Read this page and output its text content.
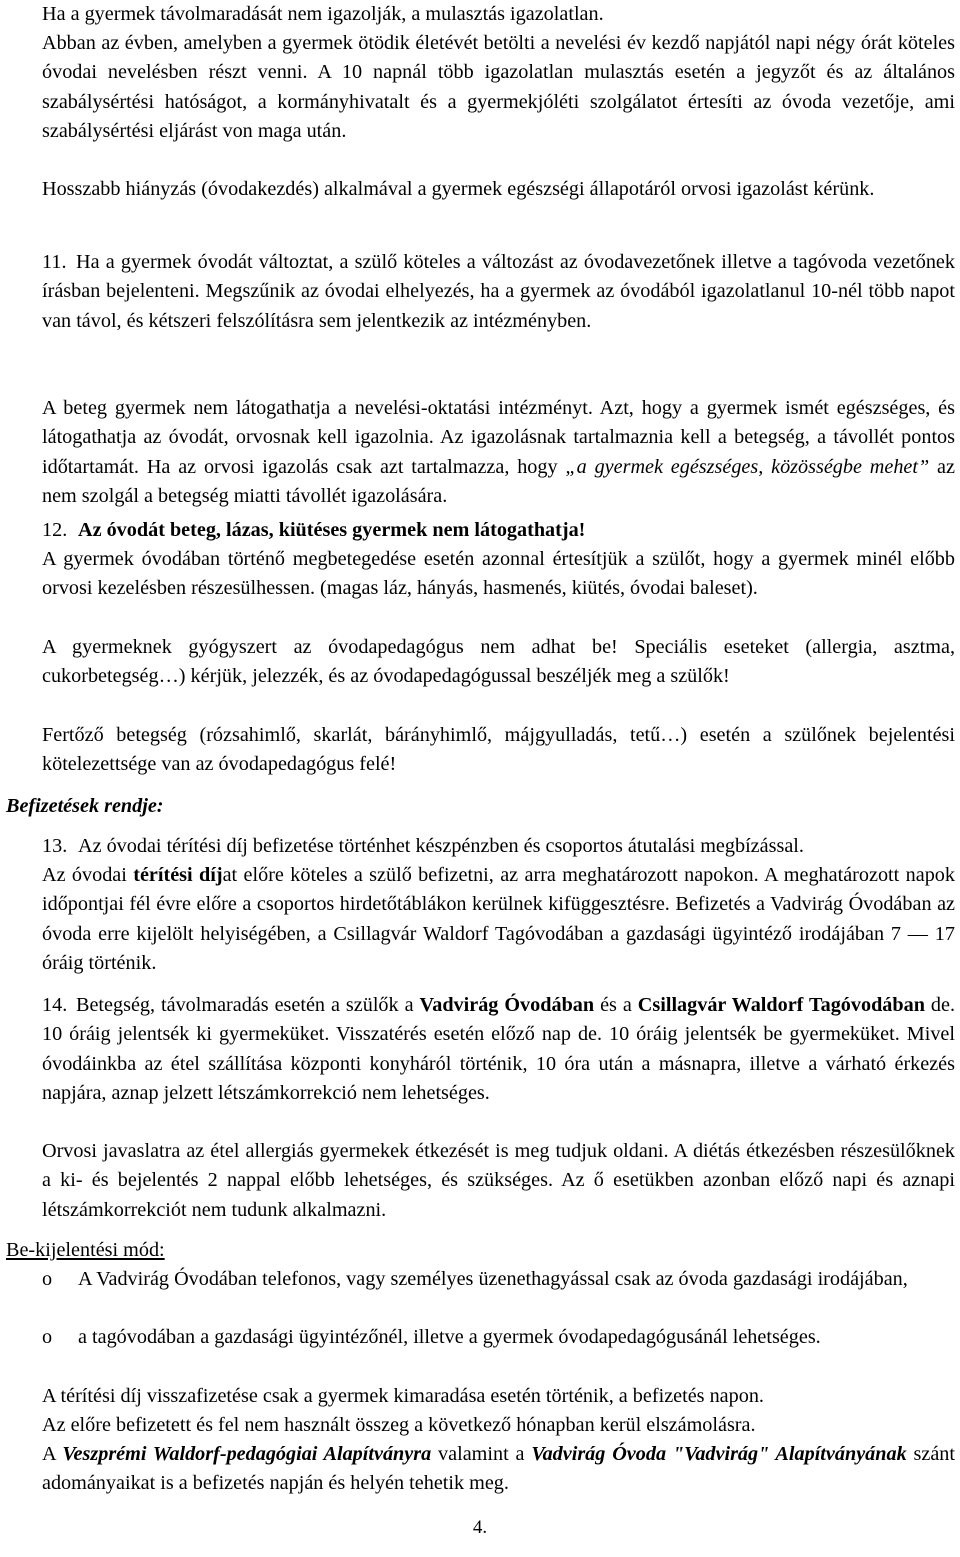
Ha a gyermek távolmaradását nem igazolják, a mulasztás igazolatlan.

Abban az évben, amelyben a gyermek ötödik életévét betölti a nevelési év kezdő napjától napi négy órát köteles óvodai nevelésben részt venni. A 10 napnál több igazolatlan mulasztás esetén a jegyzőt és az általános szabálysértési hatóságot, a kormányhivatalt és a gyermekjóléti szolgálatot értesíti az óvoda vezetője, ami szabálysértési eljárást von maga után.

Hosszabb hiányzás (óvodakezdés) alkalmával a gyermek egészségi állapotáról orvosi igazolást kérünk.

11. Ha a gyermek óvodát változtat, a szülő köteles a változást az óvodavezetőnek illetve a tagóvoda vezetőnek írásban bejelenteni. Megszűnik az óvodai elhelyezés, ha a gyermek az óvodából igazolatlanul 10-nél több napot van távol, és kétszeri felszólításra sem jelentkezik az intézményben.

A beteg gyermek nem látogathatja a nevelési-oktatási intézményt. Azt, hogy a gyermek ismét egészséges, és látogathatja az óvodát, orvosnak kell igazolnia. Az igazolásnak tartalmaznia kell a betegség, a távollét pontos időtartamát. Ha az orvosi igazolás csak azt tartalmazza, hogy „a gyermek egészséges, közösségbe mehet” az nem szolgál a betegség miatti távollét igazolására.

12. Az óvodát beteg, lázas, kiütéses gyermek nem látogathatja!

A gyermek óvodában történő megbetegedése esetén azonnal értesítjük a szülőt, hogy a gyermek minél előbb orvosi kezelésben részesülhessen. (magas láz, hányás, hasmenés, kiütés, óvodai baleset).

A gyermeknek gyógyszert az óvodapedagógus nem adhat be! Speciális eseteket (allergia, asztma, cukorbetegség…) kérjük, jelezzék, és az óvodapedagógussal beszéljék meg a szülők!

Fertőző betegség (rózsahimlő, skarlát, bárányhimlő, májgyulladás, tetű…) esetén a szülőnek bejelentési kötelezettsége van az óvodapedagógus felé!

Befizetések rendje:

13. Az óvodai térítési díj befizetése történhet készpénzben és csoportos átutalási megbízással.

Az óvodai térítési díjat előre köteles a szülő befizetni, az arra meghatározott napokon. A meghatározott napok időpontjai fél évre előre a csoportos hirdetőtáblákon kerülnek kifüggesztésre. Befizetés a Vadvirág Óvodában az óvoda erre kijelölt helyiségében, a Csillagvár Waldorf Tagóvodában a gazdasági ügyintéző irodájában 7 — 17 óráig történik.

14. Betegség, távolmaradás esetén a szülők a Vadvirág Óvodában és a Csillagvár Waldorf Tagóvodában de. 10 óráig jelentsék ki gyermeküket. Visszatérés esetén előző nap de. 10 óráig jelentsék be gyermeküket. Mivel óvodáinkba az étel szállítása központi konyháról történik, 10 óra után a másnapra, illetve a várható érkezés napjára, aznap jelzett létszámkorrekció nem lehetséges.

Orvosi javaslatra az étel allergiás gyermekek étkezését is meg tudjuk oldani. A diétás étkezésben részesülőknek a ki- és bejelentés 2 nappal előbb lehetséges, és szükséges. Az ő esetükben azonban előző napi és aznapi létszámkorrekciót nem tudunk alkalmazni.

Be-kijelentési mód:

o A Vadvirág Óvodában telefonos, vagy személyes üzenethagyással csak az óvoda gazdasági irodájában,

o a tagóvodában a gazdasági ügyintézőnél, illetve a gyermek óvodapedagógusánál lehetséges.

A térítési díj visszafizetése csak a gyermek kimaradása esetén történik, a befizetés napon.

Az előre befizetett és fel nem használt összeg a következő hónapban kerül elszámolásra.

A Veszprémi Waldorf-pedagógiai Alapítványra valamint a Vadvirág Óvoda "Vadvirág" Alapítványának szánt adományaikat is a befizetés napján és helyén tehetik meg.

4.
